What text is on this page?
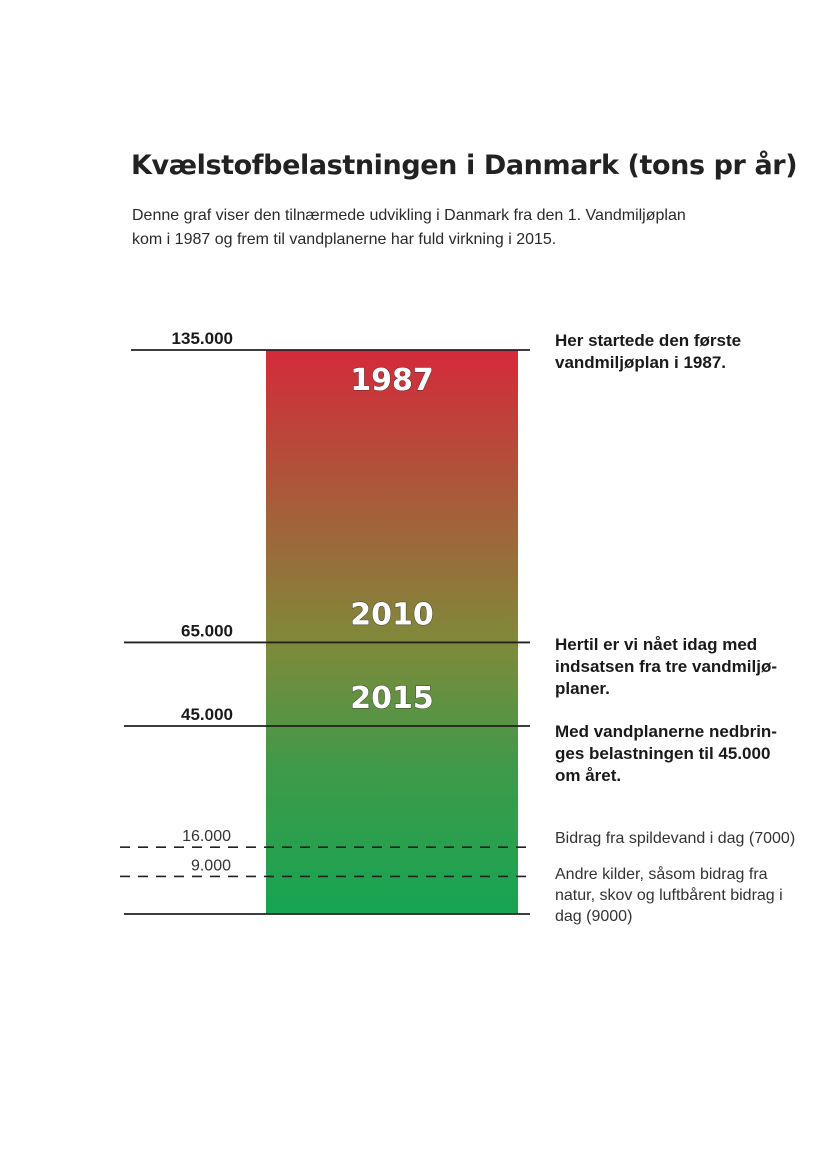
Kvælstofbelastningen i Danmark (tons pr år)
Denne graf viser den tilnærmede udvikling i Danmark fra den 1. Vandmiljøplan
kom i 1987 og frem til vandplanerne har fuld virkning i 2015.
135.000
1987
65.000	2010
45.000	2015
16.000
9.000
Her startede den første
vandmiljøplan i 1987.
Hertil er vi nået idag med
indsatsen fra tre vandmiljø-
planer.
Med vandplanerne nedbrin-
ges belastningen til 45.000
om året.
Bidrag fra spildevand i dag (7000)
Andre kilder, såsom bidrag fra
natur, skov og luftbårent bidrag i
dag (9000)
